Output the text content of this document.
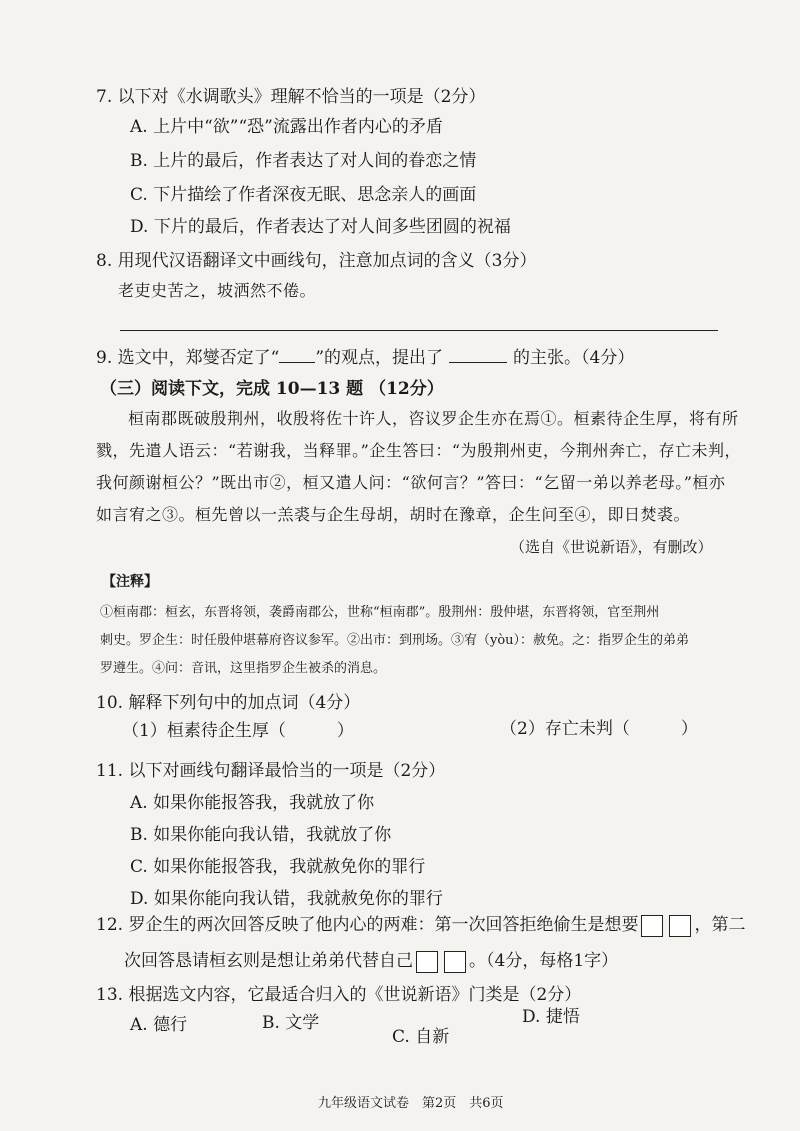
7. 以下对《水调歌头》理解不恰当的一项是（2分）
A. 上片中“欲”“恐”流露出作者内心的矛盾
B. 上片的最后，作者表达了对人间的眷恋之情
C. 下片描绘了作者深夜无眠、思念亲人的画面
D. 下片的最后，作者表达了对人间多些团圆的祝福
8. 用现代汉语翻译文中画线句，注意加点词的含义（3分）
老吏史苦之，坡洒然不倦。
9. 选文中，郑燮否定了“ ”的观点，提出了	的主张。（4分）
（三）阅读下文，完成 10—13 题 （12分）
桓南郡既破殷荆州，收殷将佐十许人，咨议罗企生亦在焉①。桓素待企生厚，将有所
戮，先遣人语云：“若谢我，当释罪。”企生答曰：“为殷荆州吏，今荆州奔亡，存亡未判，
我何颜谢桓公？”既出市②，桓又遣人问：“欲何言？”答曰：“乞留一弟以养老母。”桓亦
如言宥之③。桓先曾以一羔裘与企生母胡，胡时在豫章，企生问至④，即日焚裘。
（选自《世说新语》，有删改）
【注释】
①桓南郡：桓玄，东晋将领，袭爵南郡公，世称“桓南郡”。殷荆州：殷仲堪，东晋将领，官至荆州
刺史。罗企生：时任殷仲堪幕府咨议参军。②出市：到刑场。③宥（yòu）：赦免。之：指罗企生的弟弟
罗遵生。④问：音讯，这里指罗企生被杀的消息。
10. 解释下列句中的加点词（4分）
（1）桓素待企生厚（　　　）	（2）存亡未判（　　　）
11. 以下对画线句翻译最恰当的一项是（2分）
A. 如果你能报答我，我就放了你
B. 如果你能向我认错，我就放了你
C. 如果你能报答我，我就赦免你的罪行
D. 如果你能向我认错，我就赦免你的罪行
12. 罗企生的两次回答反映了他内心的两难：第一次回答拒绝偷生是想要	，第二
次回答恳请桓玄则是想让弟弟代替自己	。（4分，每格1字）
13. 根据选文内容，它最适合归入的《世说新语》门类是（2分）
A. 德行	B. 文学
C. 自新
D. 捷悟
九年级语文试卷　第2页　共6页
